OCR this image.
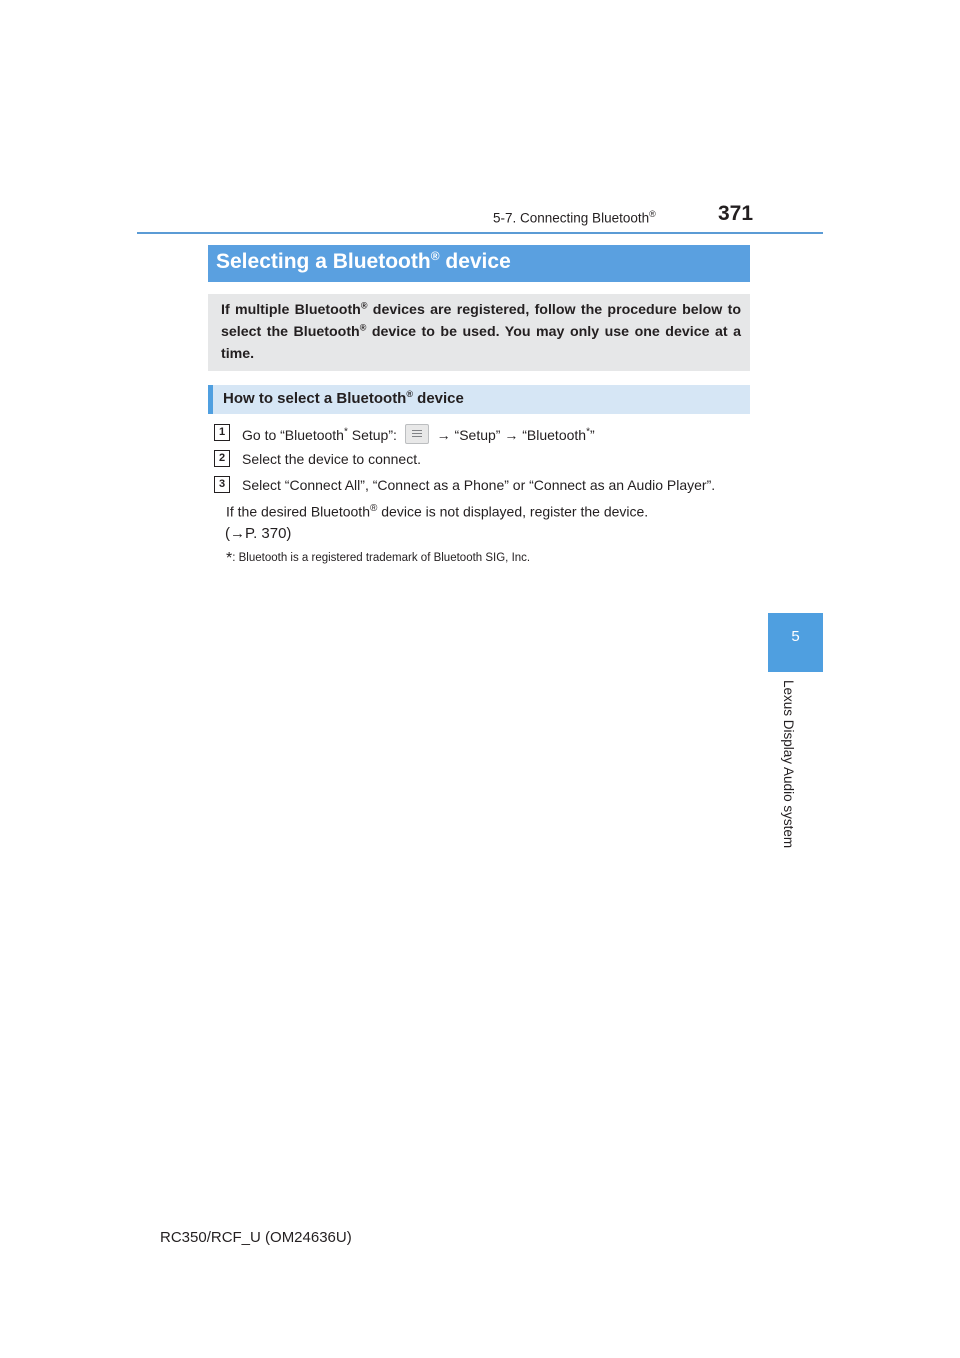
5-7. Connecting Bluetooth®	371
5
Lexus Display Audio system
Selecting a Bluetooth® device
If multiple Bluetooth® devices are registered, follow the procedure below to select the Bluetooth® device to be used. You may only use one device at a time.
How to select a Bluetooth® device
1	Go to “Bluetooth* Setup”:
→ “Setup” → “Bluetooth*”
2	Select the device to connect.
3	Select “Connect All”, “Connect as a Phone” or “Connect as an Audio Player”.
If the desired Bluetooth® device is not displayed, register the device.
(→P. 370)
*: Bluetooth is a registered trademark of Bluetooth SIG, Inc.
RC350/RCF_U (OM24636U)
